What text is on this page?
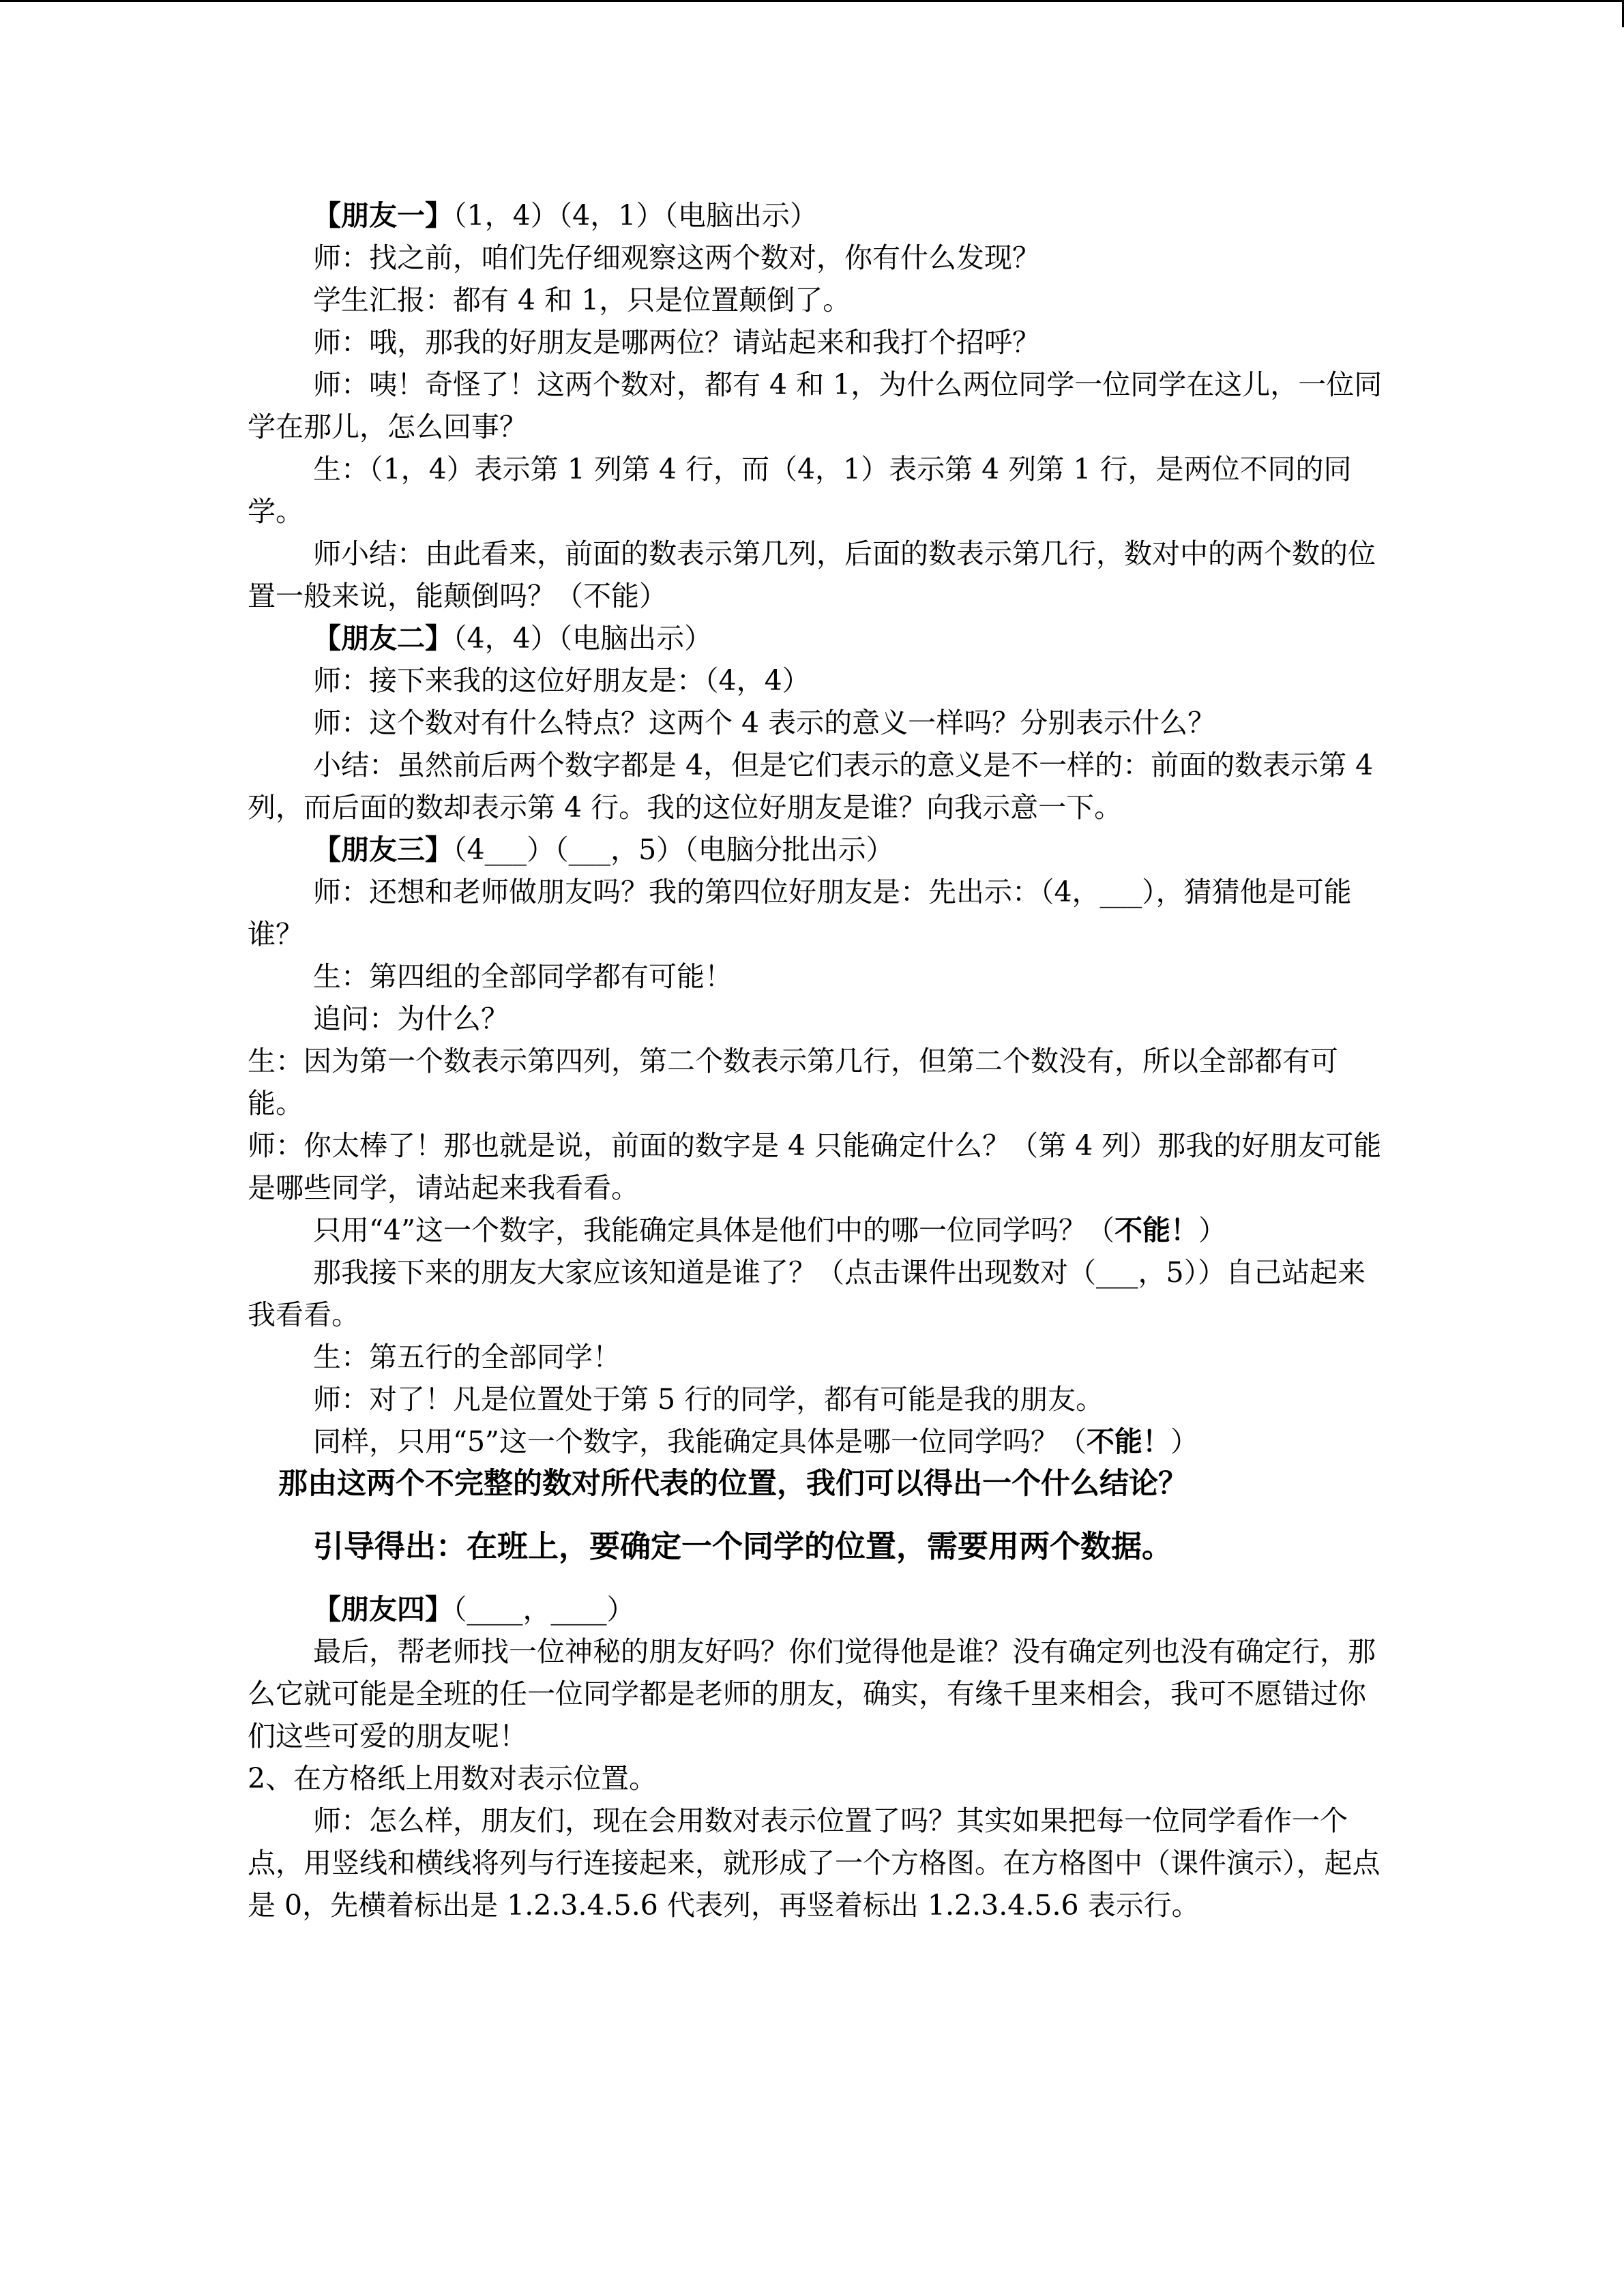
【朋友一】（1，4）（4，1）（电脑出示）

师：找之前，咱们先仔细观察这两个数对，你有什么发现？

学生汇报：都有 4 和 1，只是位置颠倒了。

师：哦，那我的好朋友是哪两位？请站起来和我打个招呼？

师：咦！奇怪了！这两个数对，都有 4 和 1，为什么两位同学一位同学在这儿，一位同学在那儿，怎么回事？

生：（1，4）表示第 1 列第 4 行，而（4，1）表示第 4 列第 1 行，是两位不同的同学。

师小结：由此看来，前面的数表示第几列，后面的数表示第几行，数对中的两个数的位置一般来说，能颠倒吗？（不能）

【朋友二】（4，4）（电脑出示）

师：接下来我的这位好朋友是：（4，4）

师：这个数对有什么特点？这两个 4 表示的意义一样吗？分别表示什么？

小结：虽然前后两个数字都是 4，但是它们表示的意义是不一样的：前面的数表示第 4 列，而后面的数却表示第 4 行。我的这位好朋友是谁？向我示意一下。

【朋友三】（4___）（___，5）（电脑分批出示）

师：还想和老师做朋友吗？我的第四位好朋友是：先出示：（4，___），猜猜他是可能谁？

生：第四组的全部同学都有可能！

追问：为什么？

生：因为第一个数表示第四列，第二个数表示第几行，但第二个数没有，所以全部都有可能。

师：你太棒了！那也就是说，前面的数字是 4 只能确定什么？（第 4 列）那我的好朋友可能是哪些同学，请站起来我看看。

只用“4”这一个数字，我能确定具体是他们中的哪一位同学吗？（不能！）

那我接下来的朋友大家应该知道是谁了？（点击课件出现数对（___，5））自己站起来我看看。

生：第五行的全部同学！

师：对了！凡是位置处于第 5 行的同学，都有可能是我的朋友。

同样，只用“5”这一个数字，我能确定具体是哪一位同学吗？（不能！）

那由这两个不完整的数对所代表的位置，我们可以得出一个什么结论？

引导得出：在班上，要确定一个同学的位置，需要用两个数据。

【朋友四】（____，____）

最后，帮老师找一位神秘的朋友好吗？你们觉得他是谁？没有确定列也没有确定行，那么它就可能是全班的任一位同学都是老师的朋友，确实，有缘千里来相会，我可不愿错过你们这些可爱的朋友呢！

2、在方格纸上用数对表示位置。

师：怎么样，朋友们，现在会用数对表示位置了吗？其实如果把每一位同学看作一个点，用竖线和横线将列与行连接起来，就形成了一个方格图。在方格图中（课件演示），起点是 0，先横着标出是 1.2.3.4.5.6 代表列，再竖着标出 1.2.3.4.5.6 表示行。
